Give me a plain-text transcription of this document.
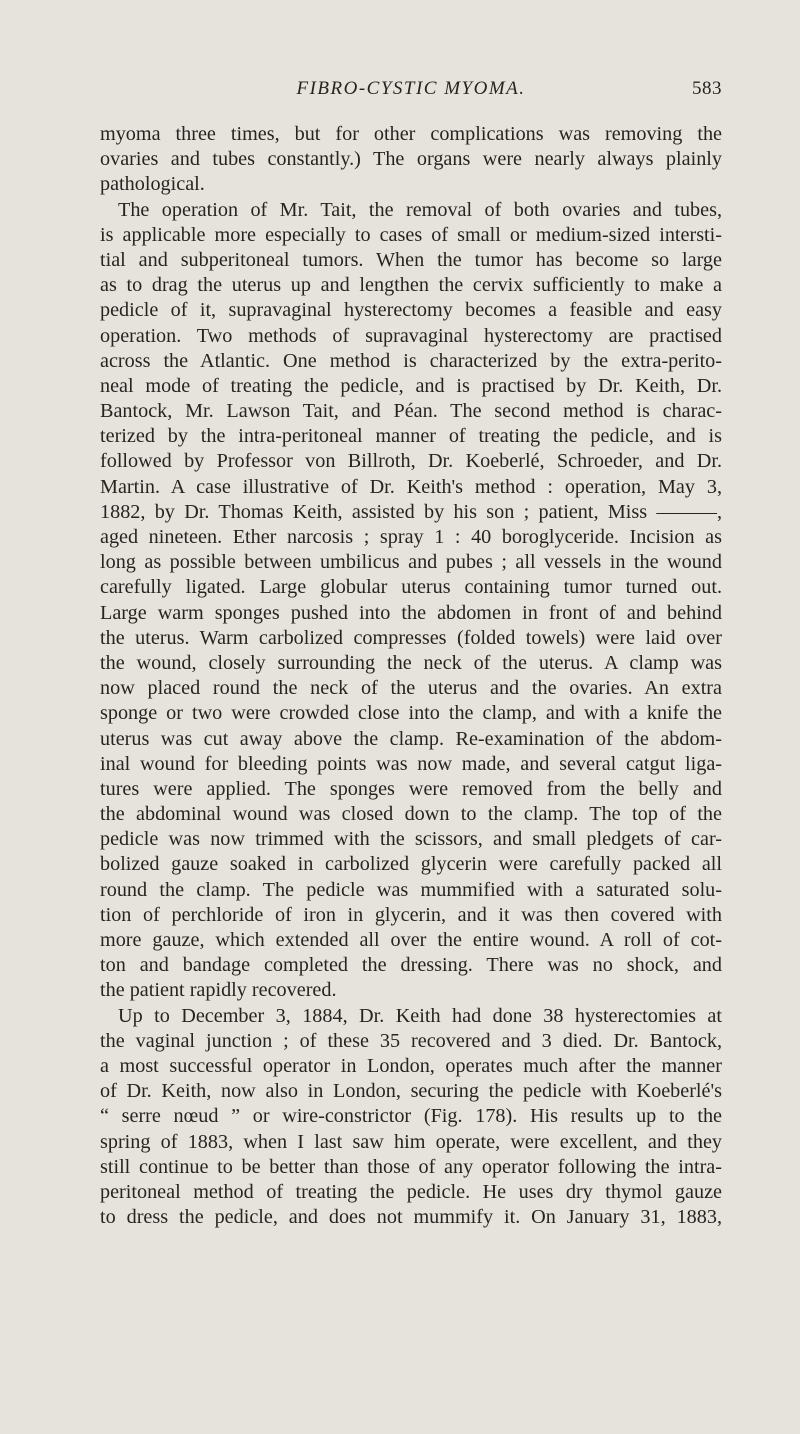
FIBRO-CYSTIC MYOMA.	583
myoma three times, but for other complications was removing the
ovaries and tubes constantly.) The organs were nearly always plainly
pathological.
The operation of Mr. Tait, the removal of both ovaries and tubes,
is applicable more especially to cases of small or medium-sized intersti-
tial and subperitoneal tumors. When the tumor has become so large
as to drag the uterus up and lengthen the cervix sufficiently to make a
pedicle of it, supravaginal hysterectomy becomes a feasible and easy
operation. Two methods of supravaginal hysterectomy are practised
across the Atlantic. One method is characterized by the extra-perito-
neal mode of treating the pedicle, and is practised by Dr. Keith, Dr.
Bantock, Mr. Lawson Tait, and Péan. The second method is charac-
terized by the intra-peritoneal manner of treating the pedicle, and is
followed by Professor von Billroth, Dr. Koeberlé, Schroeder, and Dr.
Martin. A case illustrative of Dr. Keith's method : operation, May 3,
1882, by Dr. Thomas Keith, assisted by his son ; patient, Miss ———,
aged nineteen. Ether narcosis ; spray 1 : 40 boroglyceride. Incision as
long as possible between umbilicus and pubes ; all vessels in the wound
carefully ligated. Large globular uterus containing tumor turned out.
Large warm sponges pushed into the abdomen in front of and behind
the uterus. Warm carbolized compresses (folded towels) were laid over
the wound, closely surrounding the neck of the uterus. A clamp was
now placed round the neck of the uterus and the ovaries. An extra
sponge or two were crowded close into the clamp, and with a knife the
uterus was cut away above the clamp. Re-examination of the abdom-
inal wound for bleeding points was now made, and several catgut liga-
tures were applied. The sponges were removed from the belly and
the abdominal wound was closed down to the clamp. The top of the
pedicle was now trimmed with the scissors, and small pledgets of car-
bolized gauze soaked in carbolized glycerin were carefully packed all
round the clamp. The pedicle was mummified with a saturated solu-
tion of perchloride of iron in glycerin, and it was then covered with
more gauze, which extended all over the entire wound. A roll of cot-
ton and bandage completed the dressing. There was no shock, and
the patient rapidly recovered.
Up to December 3, 1884, Dr. Keith had done 38 hysterectomies at
the vaginal junction ; of these 35 recovered and 3 died. Dr. Bantock,
a most successful operator in London, operates much after the manner
of Dr. Keith, now also in London, securing the pedicle with Koeberlé's
“ serre nœud ” or wire-constrictor (Fig. 178). His results up to the
spring of 1883, when I last saw him operate, were excellent, and they
still continue to be better than those of any operator following the intra-
peritoneal method of treating the pedicle. He uses dry thymol gauze
to dress the pedicle, and does not mummify it. On January 31, 1883,
